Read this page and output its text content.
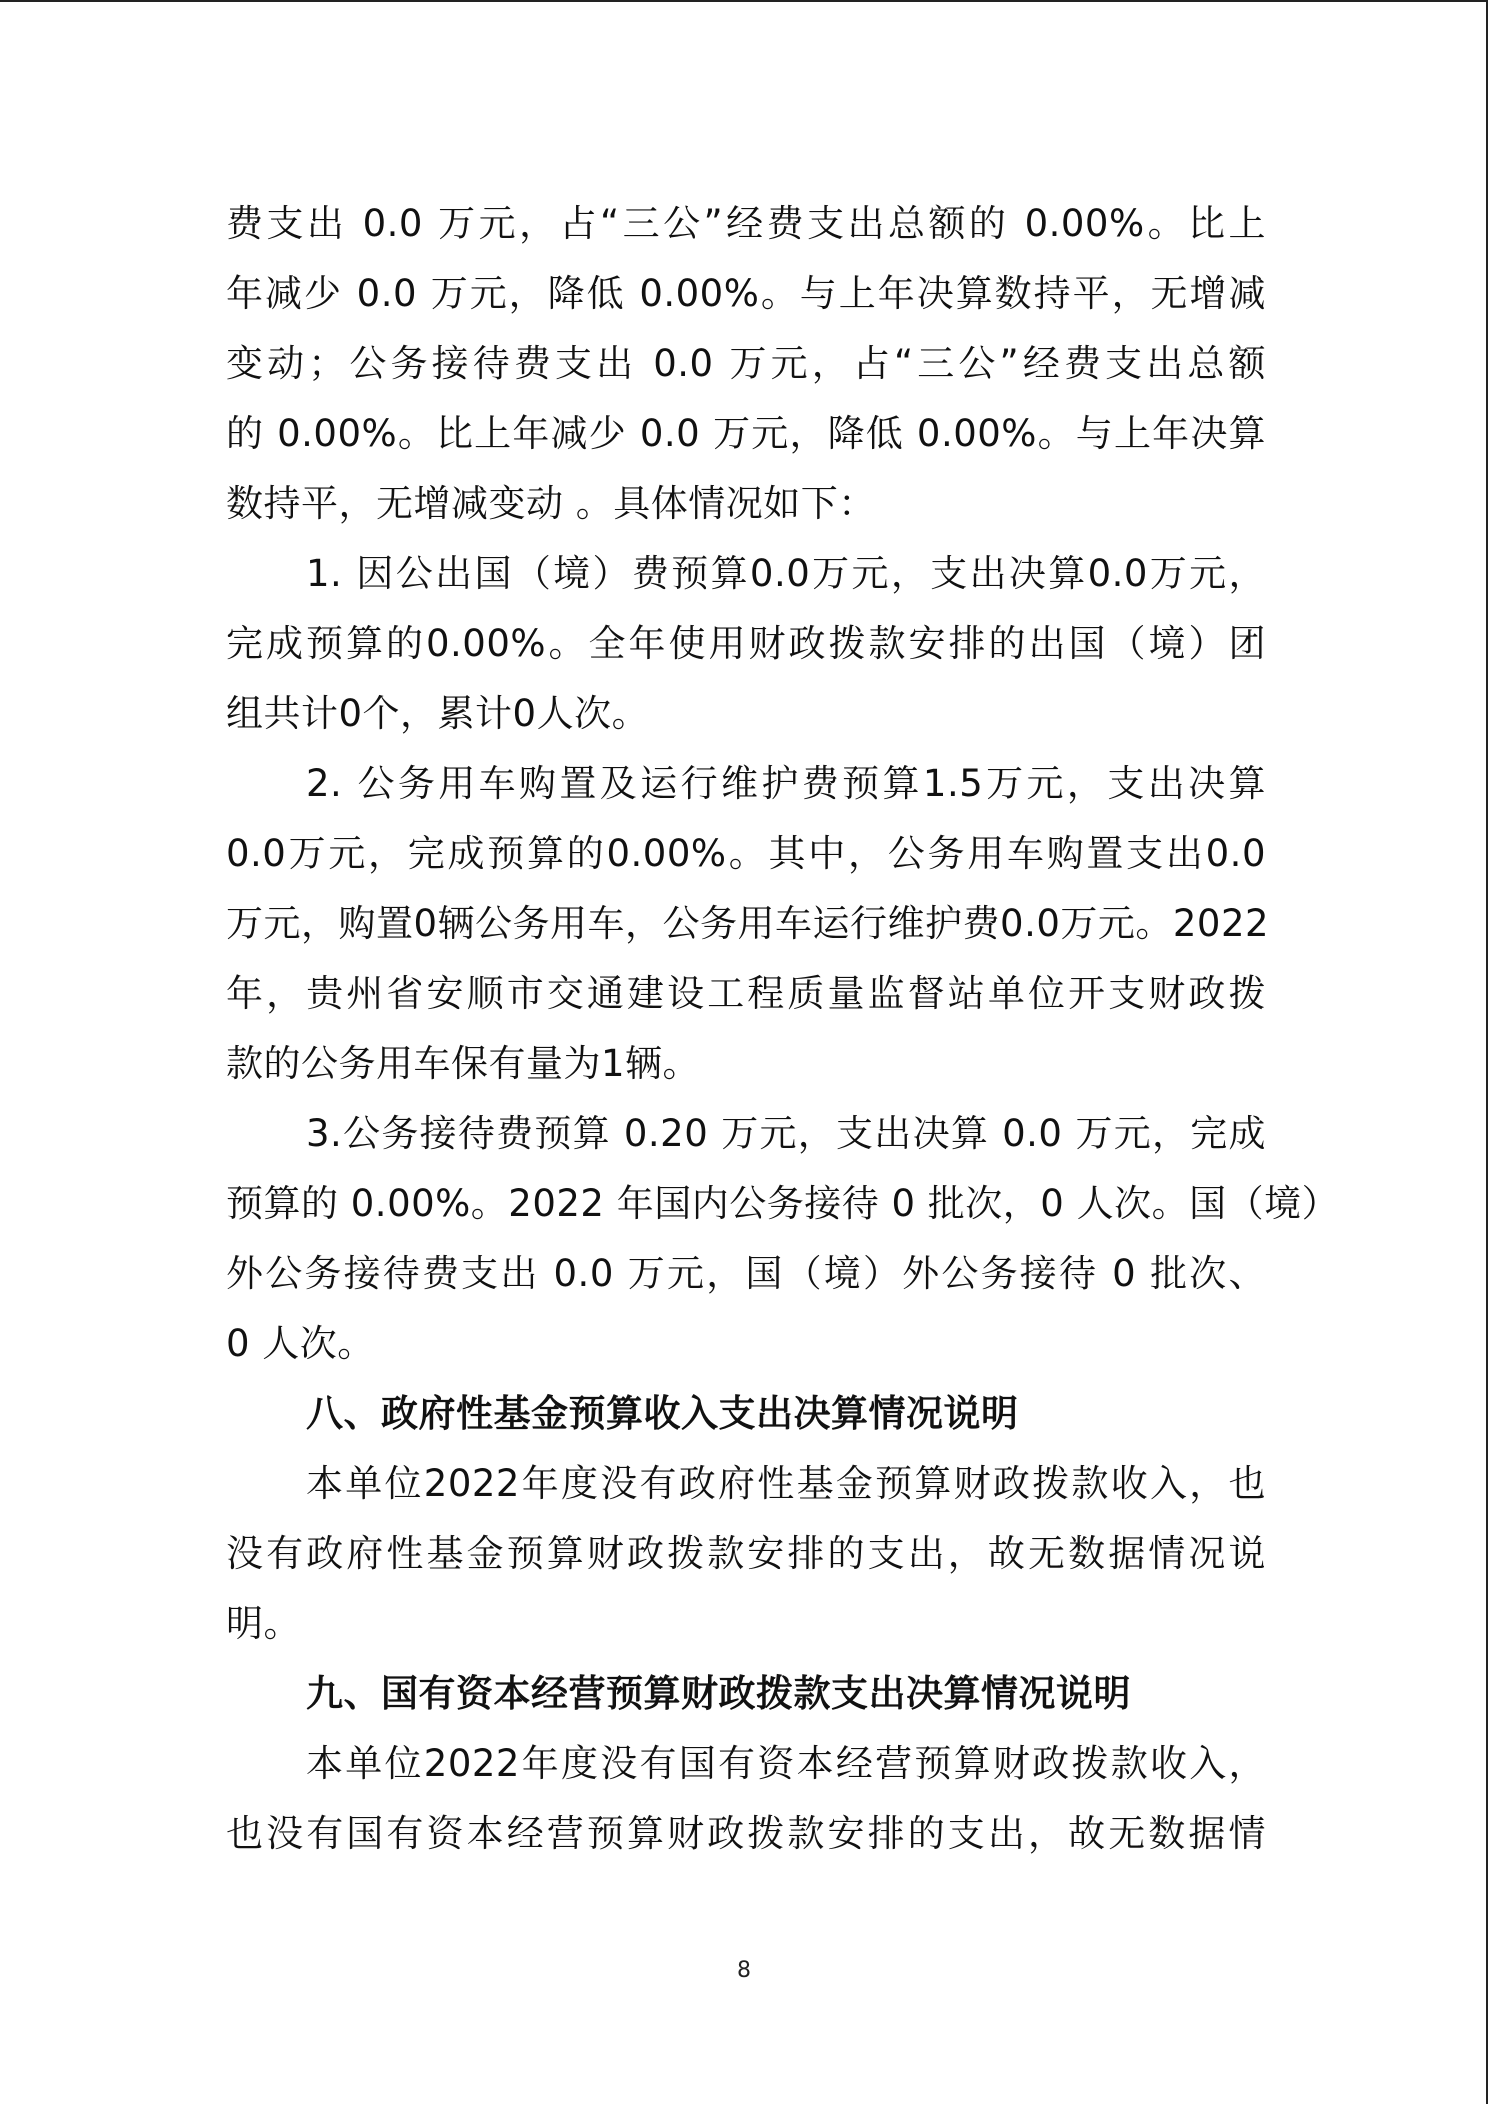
费支出 0.0 万元，占“三公”经费支出总额的 0.00%。比上
年减少 0.0 万元，降低 0.00%。与上年决算数持平，无增减
变动；公务接待费支出 0.0 万元，占“三公”经费支出总额
的 0.00%。比上年减少 0.0 万元，降低 0.00%。与上年决算
数持平，无增减变动 。具体情况如下：
1. 因公出国（境）费预算0.0万元，支出决算0.0万元，
完成预算的0.00%。全年使用财政拨款安排的出国（境）团
组共计0个，累计0人次。
2. 公务用车购置及运行维护费预算1.5万元，支出决算
0.0万元，完成预算的0.00%。其中，公务用车购置支出0.0
万元，购置0辆公务用车，公务用车运行维护费0.0万元。2022
年，贵州省安顺市交通建设工程质量监督站单位开支财政拨
款的公务用车保有量为1辆。
3.公务接待费预算 0.20 万元，支出决算 0.0 万元，完成
预算的 0.00%。2022 年国内公务接待 0 批次，0 人次。国（境）
外公务接待费支出 0.0 万元，国（境）外公务接待 0 批次、
0 人次。
八、政府性基金预算收入支出决算情况说明
本单位2022年度没有政府性基金预算财政拨款收入，也
没有政府性基金预算财政拨款安排的支出，故无数据情况说
明。
九、国有资本经营预算财政拨款支出决算情况说明
本单位2022年度没有国有资本经营预算财政拨款收入，
也没有国有资本经营预算财政拨款安排的支出，故无数据情
8
